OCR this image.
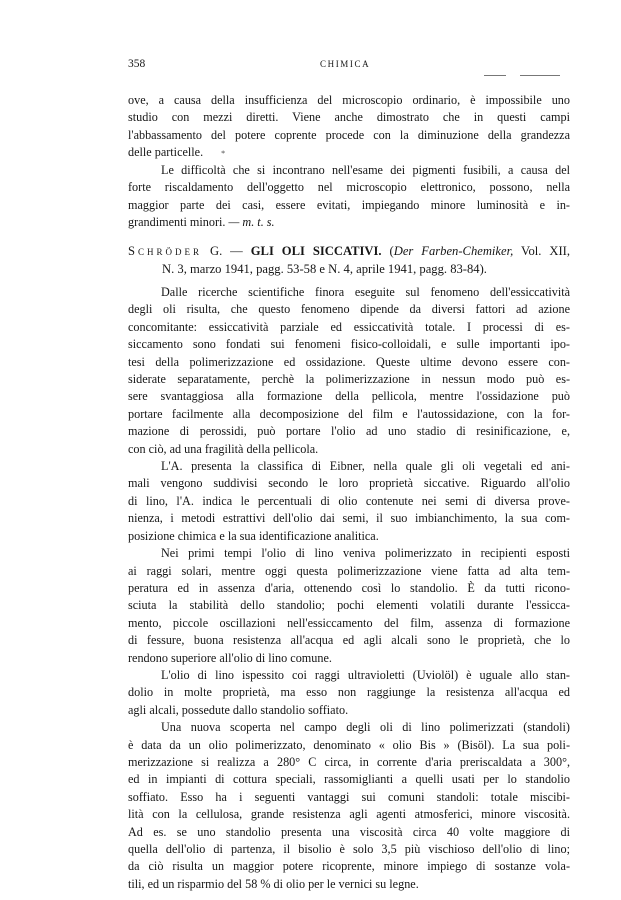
358	CHIMICA

ove, a causa della insufficienza del microscopio ordinario, è impossibile uno

studio con mezzi diretti. Viene anche dimostrato che in questi campi

l'abbassamento del potere coprente procede con la diminuzione della grandezza

delle particelle. *

Le difficoltà che si incontrano nell'esame dei pigmenti fusibili, a causa del

forte riscaldamento dell'oggetto nel microscopio elettronico, possono, nella

maggior parte dei casi, essere evitati, impiegando minore luminosità e in-

grandimenti minori. — m. t. s.

Schröder G. — GLI OLI SICCATIVI. (Der Farben-Chemiker, Vol. XII,

N. 3, marzo 1941, pagg. 53-58 e N. 4, aprile 1941, pagg. 83-84).

Dalle ricerche scientifiche finora eseguite sul fenomeno dell'essiccatività

degli oli risulta, che questo fenomeno dipende da diversi fattori ad azione

concomitante: essiccatività parziale ed essiccatività totale. I processi di es-

siccamento sono fondati sui fenomeni fisico-colloidali, e sulle importanti ipo-

tesi della polimerizzazione ed ossidazione. Queste ultime devono essere con-

siderate separatamente, perchè la polimerizzazione in nessun modo può es-

sere svantaggiosa alla formazione della pellicola, mentre l'ossidazione può

portare facilmente alla decomposizione del film e l'autossidazione, con la for-

mazione di perossidi, può portare l'olio ad uno stadio di resinificazione, e,

con ciò, ad una fragilità della pellicola.

L'A. presenta la classifica di Eibner, nella quale gli oli vegetali ed ani-

mali vengono suddivisi secondo le loro proprietà siccative. Riguardo all'olio

di lino, l'A. indica le percentuali di olio contenute nei semi di diversa prove-

nienza, i metodi estrattivi dell'olio dai semi, il suo imbianchimento, la sua com-

posizione chimica e la sua identificazione analitica.

Nei primi tempi l'olio di lino veniva polimerizzato in recipienti esposti

ai raggi solari, mentre oggi questa polimerizzazione viene fatta ad alta tem-

peratura ed in assenza d'aria, ottenendo così lo standolio. È da tutti ricono-

sciuta la stabilità dello standolio; pochi elementi volatili durante l'essicca-

mento, piccole oscillazioni nell'essiccamento del film, assenza di formazione

di fessure, buona resistenza all'acqua ed agli alcali sono le proprietà, che lo

rendono superiore all'olio di lino comune.

L'olio di lino ispessito coi raggi ultravioletti (Uviolöl) è uguale allo stan-

dolio in molte proprietà, ma esso non raggiunge la resistenza all'acqua ed

agli alcali, possedute dallo standolio soffiato.

Una nuova scoperta nel campo degli oli di lino polimerizzati (standoli)

è data da un olio polimerizzato, denominato « olio Bis » (Bisöl). La sua poli-

merizzazione si realizza a 280° C circa, in corrente d'aria preriscaldata a 300°,

ed in impianti di cottura speciali, rassomiglianti a quelli usati per lo standolio

soffiato. Esso ha i seguenti vantaggi sui comuni standoli: totale miscibi-

lità con la cellulosa, grande resistenza agli agenti atmosferici, minore viscosità.

Ad es. se uno standolio presenta una viscosità circa 40 volte maggiore di

quella dell'olio di partenza, il bisolio è solo 3,5 più vischioso dell'olio di lino;

da ciò risulta un maggior potere ricoprente, minore impiego di sostanze vola-

tili, ed un risparmio del 58 % di olio per le vernici su legne.
